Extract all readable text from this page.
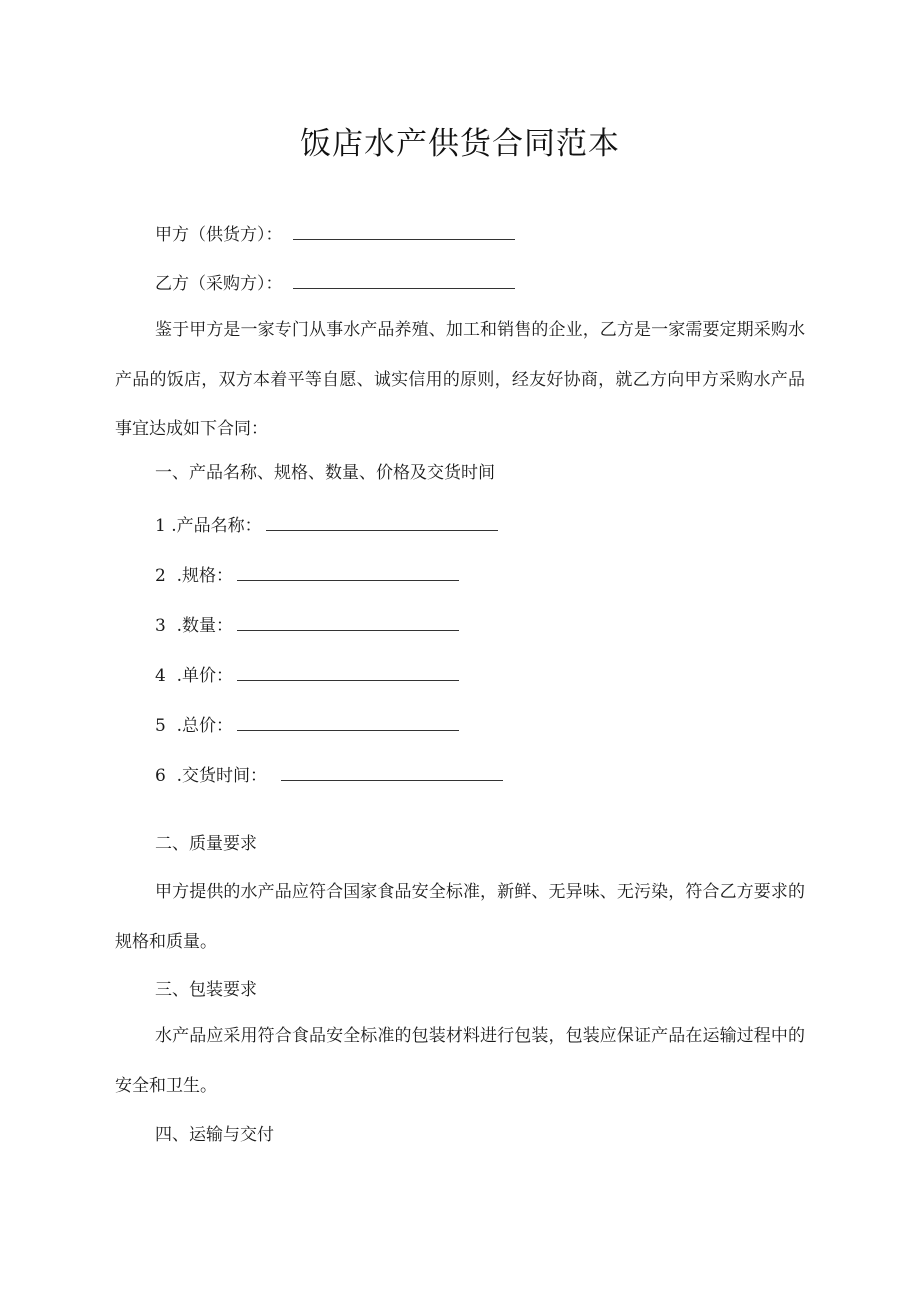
饭店水产供货合同范本
甲方（供货方）：
乙方（采购方）：
鉴于甲方是一家专门从事水产品养殖、加工和销售的企业，乙方是一家需要定期采购水产品的饭店，双方本着平等自愿、诚实信用的原则，经友好协商，就乙方向甲方采购水产品事宜达成如下合同：
一、产品名称、规格、数量、价格及交货时间
1 .产品名称：
2 .规格：
3 .数量：
4 .单价：
5 .总价：
6 .交货时间：
二、质量要求
甲方提供的水产品应符合国家食品安全标准，新鲜、无异味、无污染，符合乙方要求的规格和质量。
三、包装要求
水产品应采用符合食品安全标准的包装材料进行包装，包装应保证产品在运输过程中的安全和卫生。
四、运输与交付
